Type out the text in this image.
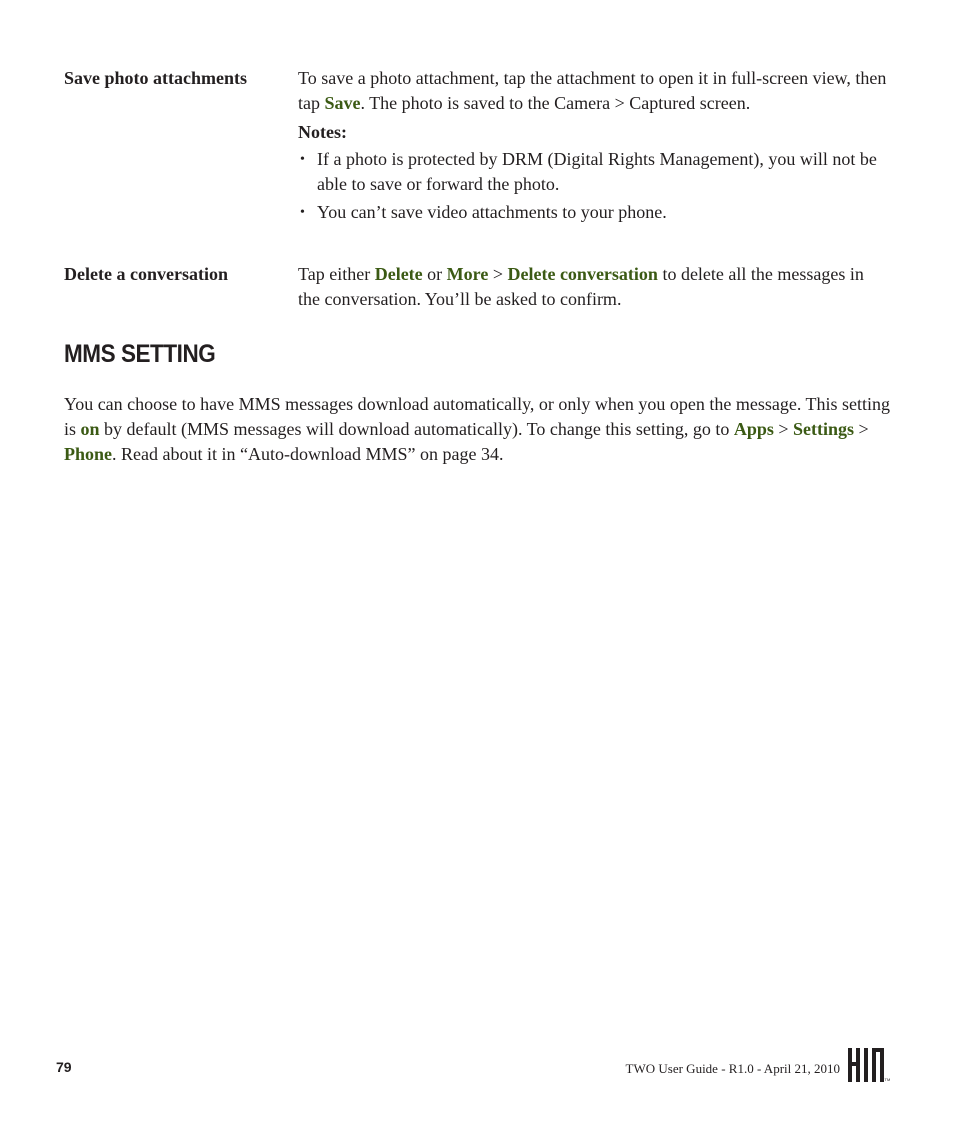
Save photo attachments	To save a photo attachment, tap the attachment to open it in full-screen view, then tap Save. The photo is saved to the Camera > Captured screen.

Notes:

• If a photo is protected by DRM (Digital Rights Management), you will not be able to save or forward the photo.
• You can’t save video attachments to your phone.
Delete a conversation	Tap either Delete or More > Delete conversation to delete all the messages in the conversation. You’ll be asked to confirm.

MMS SETTING

You can choose to have MMS messages download automatically, or only when you open the message. This setting is on by default (MMS messages will download automatically). To change this setting, go to Apps > Settings > Phone. Read about it in “Auto-download MMS” on page 34.

79	TWO User Guide - R1.0 - April 21, 2010
TM
